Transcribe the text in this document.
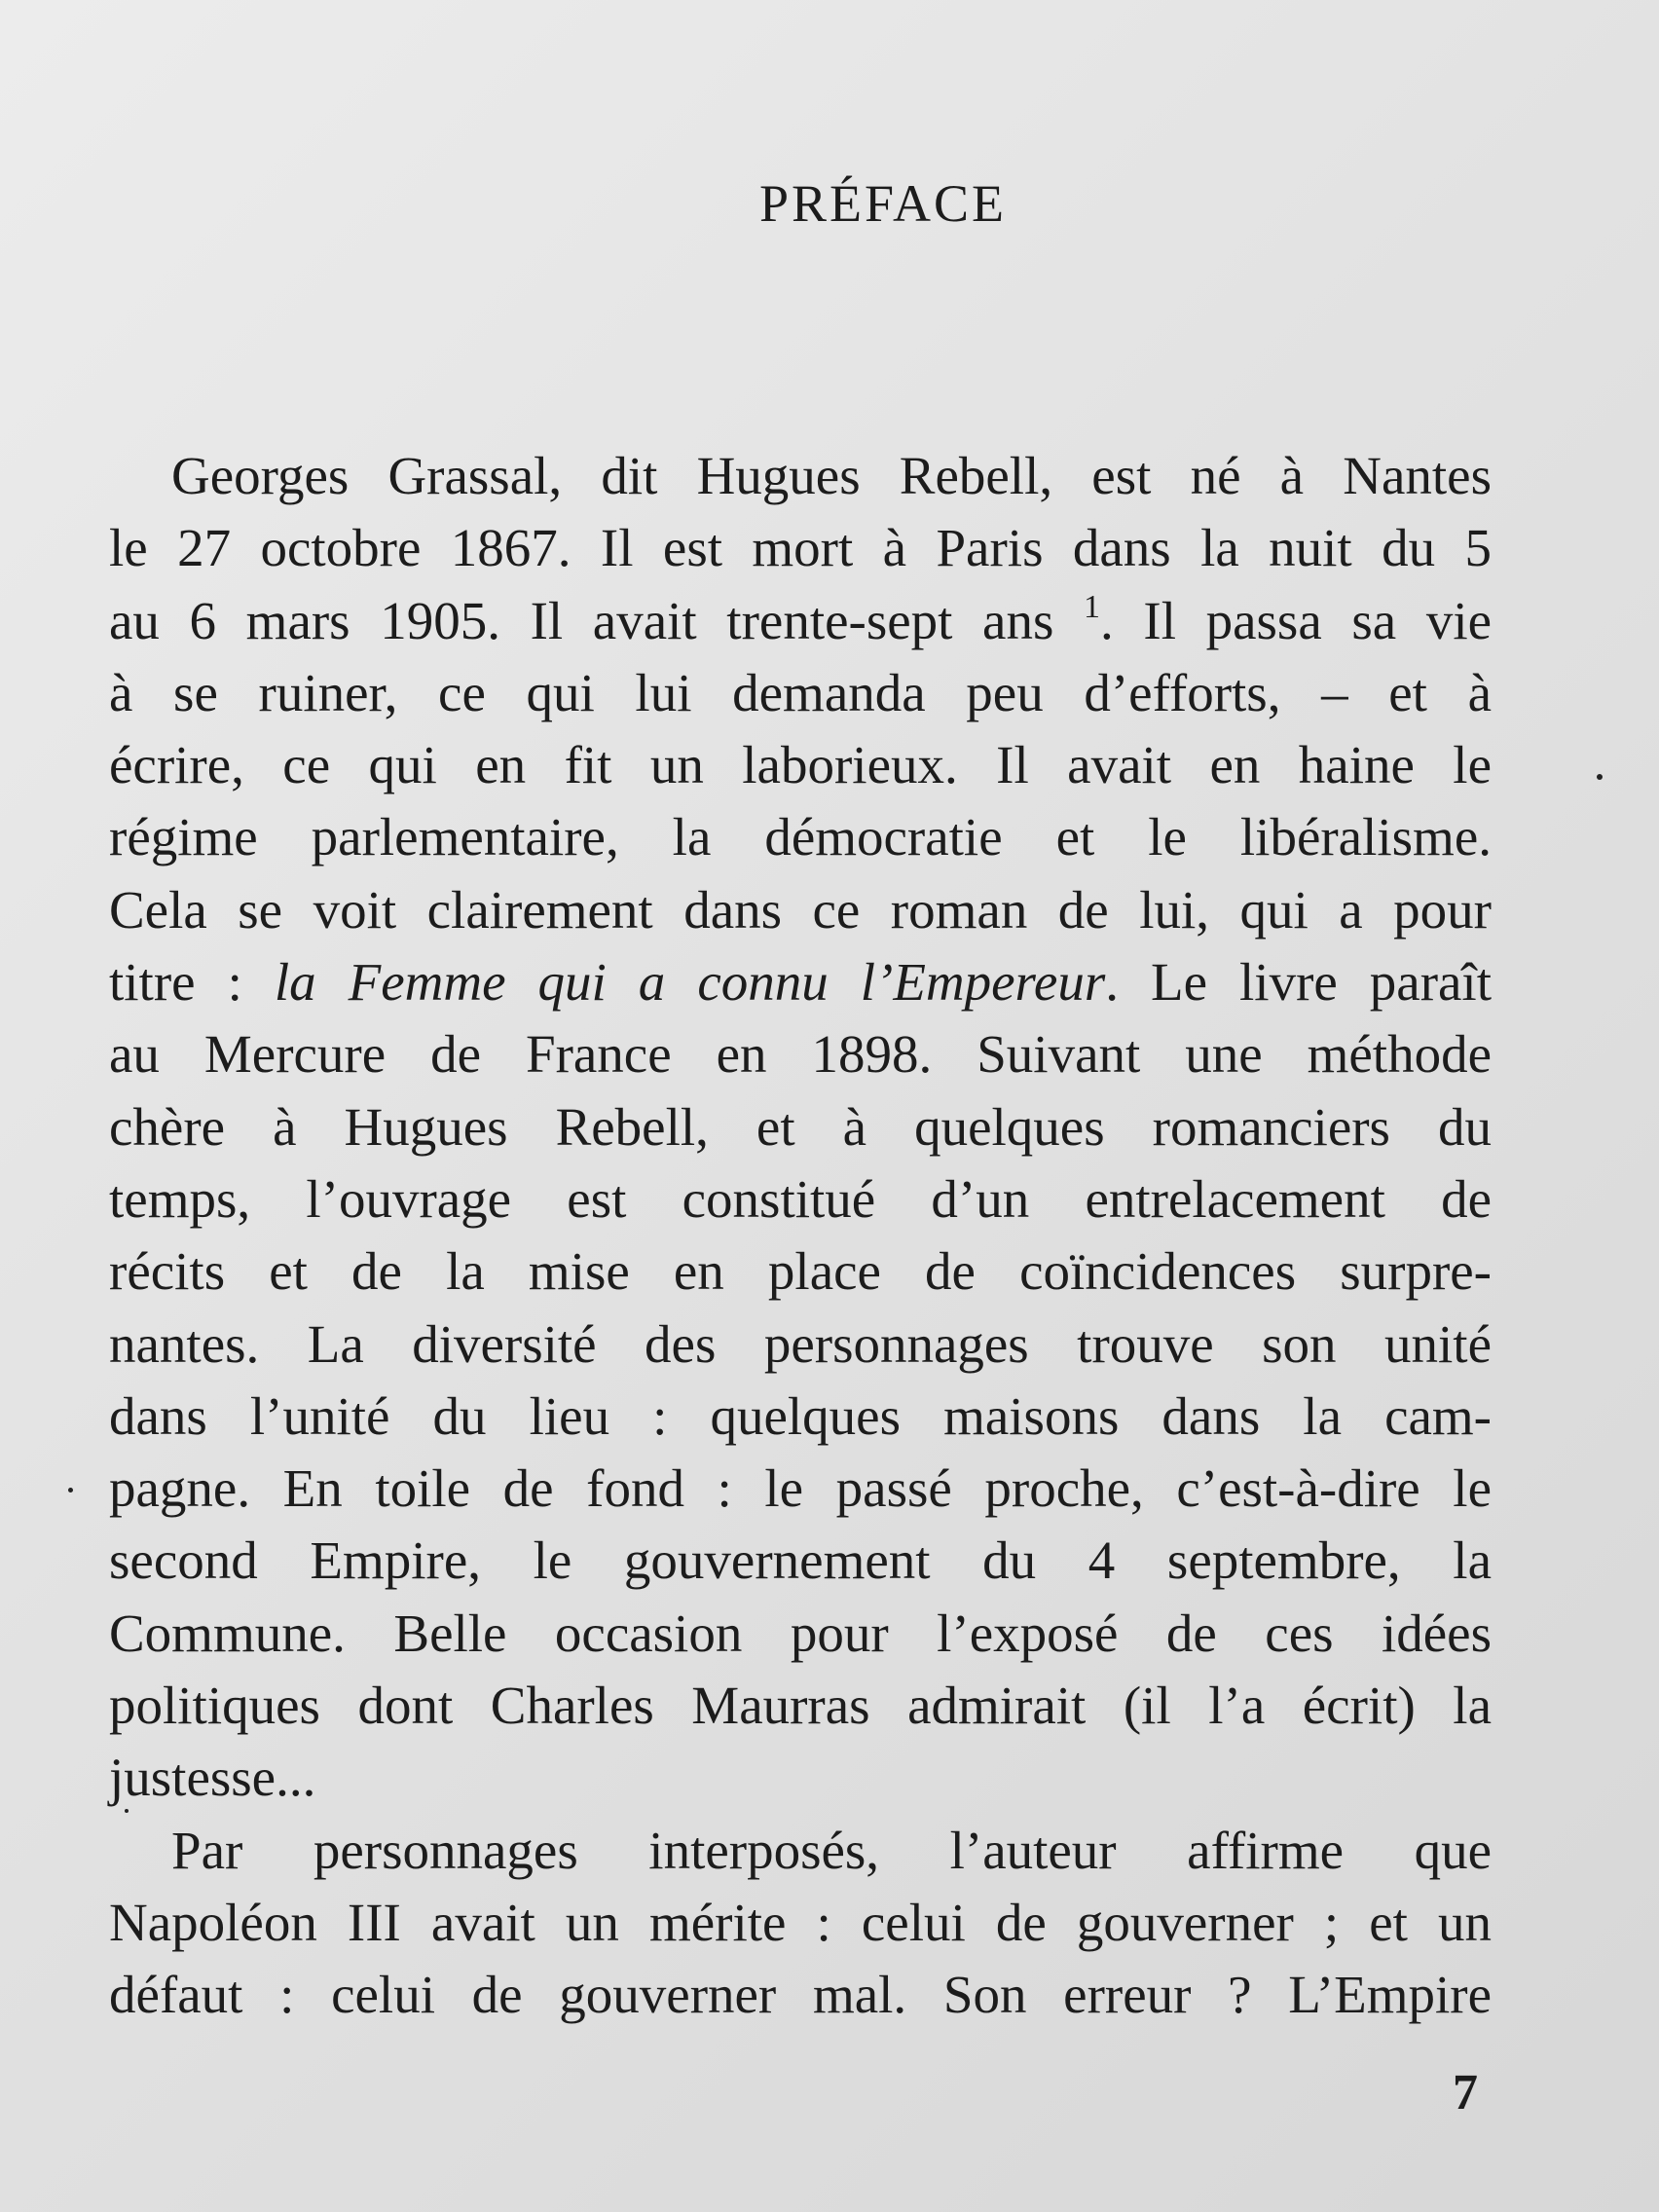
PRÉFACE
Georges Grassal, dit Hugues Rebell, est né à Nantes
le 27 octobre 1867. Il est mort à Paris dans la nuit du 5
au 6 mars 1905. Il avait trente-sept ans $^1$. Il passa sa vie
à se ruiner, ce qui lui demanda peu d’efforts, – et à
écrire, ce qui en fit un laborieux. Il avait en haine le
régime parlementaire, la démocratie et le libéralisme.
Cela se voit clairement dans ce roman de lui, qui a pour
titre : la Femme qui a connu l’Empereur. Le livre paraît
au Mercure de France en 1898. Suivant une méthode
chère à Hugues Rebell, et à quelques romanciers du
temps, l’ouvrage est constitué d’un entrelacement de
récits et de la mise en place de coïncidences surpre-
nantes. La diversité des personnages trouve son unité
dans l’unité du lieu : quelques maisons dans la cam-
pagne. En toile de fond : le passé proche, c’est-à-dire le
second Empire, le gouvernement du 4 septembre, la
Commune. Belle occasion pour l’exposé de ces idées
politiques dont Charles Maurras admirait (il l’a écrit) la
justesse...
Par personnages interposés, l’auteur affirme que
Napoléon III avait un mérite : celui de gouverner ; et un
défaut : celui de gouverner mal. Son erreur ? L’Empire
7
